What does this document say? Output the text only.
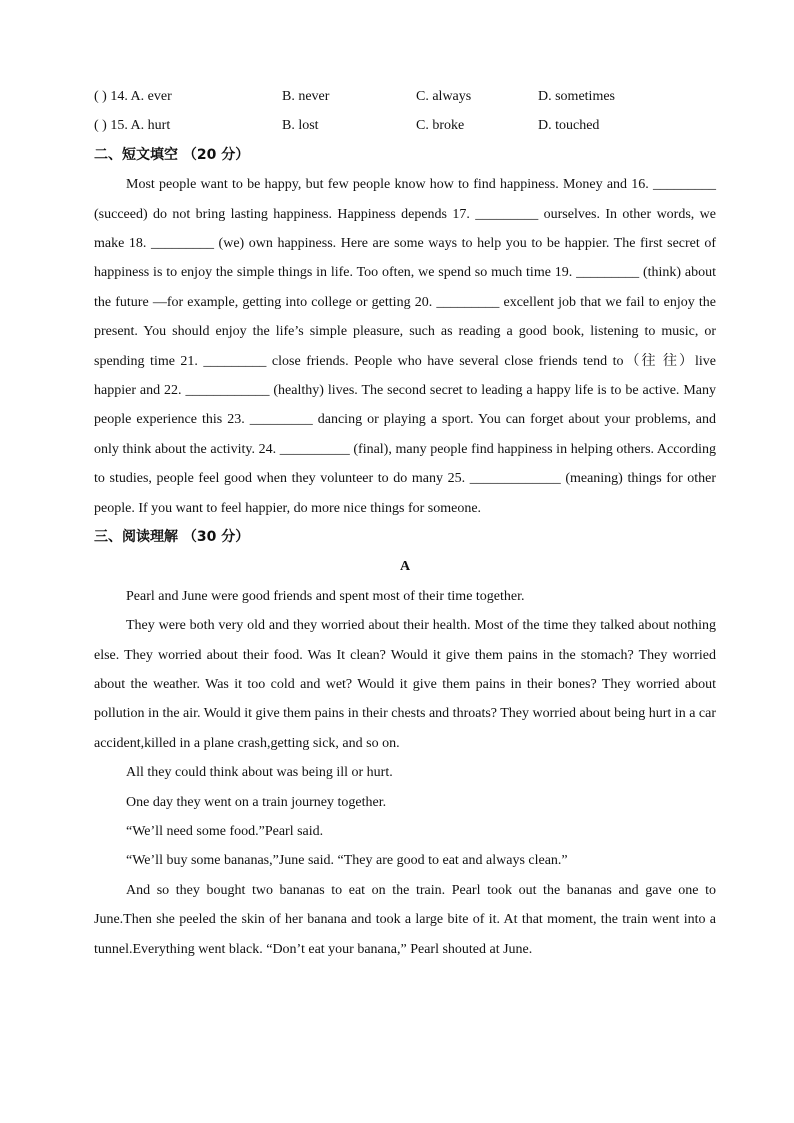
( ) 14. A. ever	B. never	C. always	D. sometimes
( ) 15. A. hurt	B. lost	C. broke	D. touched
二、短文填空 （20 分）

Most people want to be happy, but few people know how to find happiness. Money and 16. _________ (succeed) do not bring lasting happiness. Happiness depends 17. _________ ourselves. In other words, we make 18. _________ (we) own happiness. Here are some ways to help you to be happier. The first secret of happiness is to enjoy the simple things in life. Too often, we spend so much time 19. _________ (think) about the future —for example, getting into college or getting 20. _________ excellent job that we fail to enjoy the present. You should enjoy the life’s simple pleasure, such as reading a good book, listening to music, or spending time 21. _________ close friends. People who have several close friends tend to（往 往）live happier and 22. ____________ (healthy) lives. The second secret to leading a happy life is to be active. Many people experience this 23. _________ dancing or playing a sport. You can forget about your problems, and only think about the activity. 24. __________ (final), many people find happiness in helping others. According to studies, people feel good when they volunteer to do many 25. _____________ (meaning) things for other people. If you want to feel happier, do more nice things for someone.

三、阅读理解 （30 分）
A

Pearl and June were good friends and spent most of their time together.

They were both very old and they worried about their health. Most of the time they talked about nothing else. They worried about their food. Was It clean? Would it give them pains in the stomach? They worried about the weather. Was it too cold and wet? Would it give them pains in their bones? They worried about pollution in the air. Would it give them pains in their chests and throats? They worried about being hurt in a car accident,killed in a plane crash,getting sick, and so on.

All they could think about was being ill or hurt.

One day they went on a train journey together.

“We’ll need some food.”Pearl said.

“We’ll buy some bananas,”June said. “They are good to eat and always clean.”

And so they bought two bananas to eat on the train. Pearl took out the bananas and gave one to June.Then she peeled the skin of her banana and took a large bite of it. At that moment, the train went into a tunnel.Everything went black. “Don’t eat your banana,” Pearl shouted at June.
